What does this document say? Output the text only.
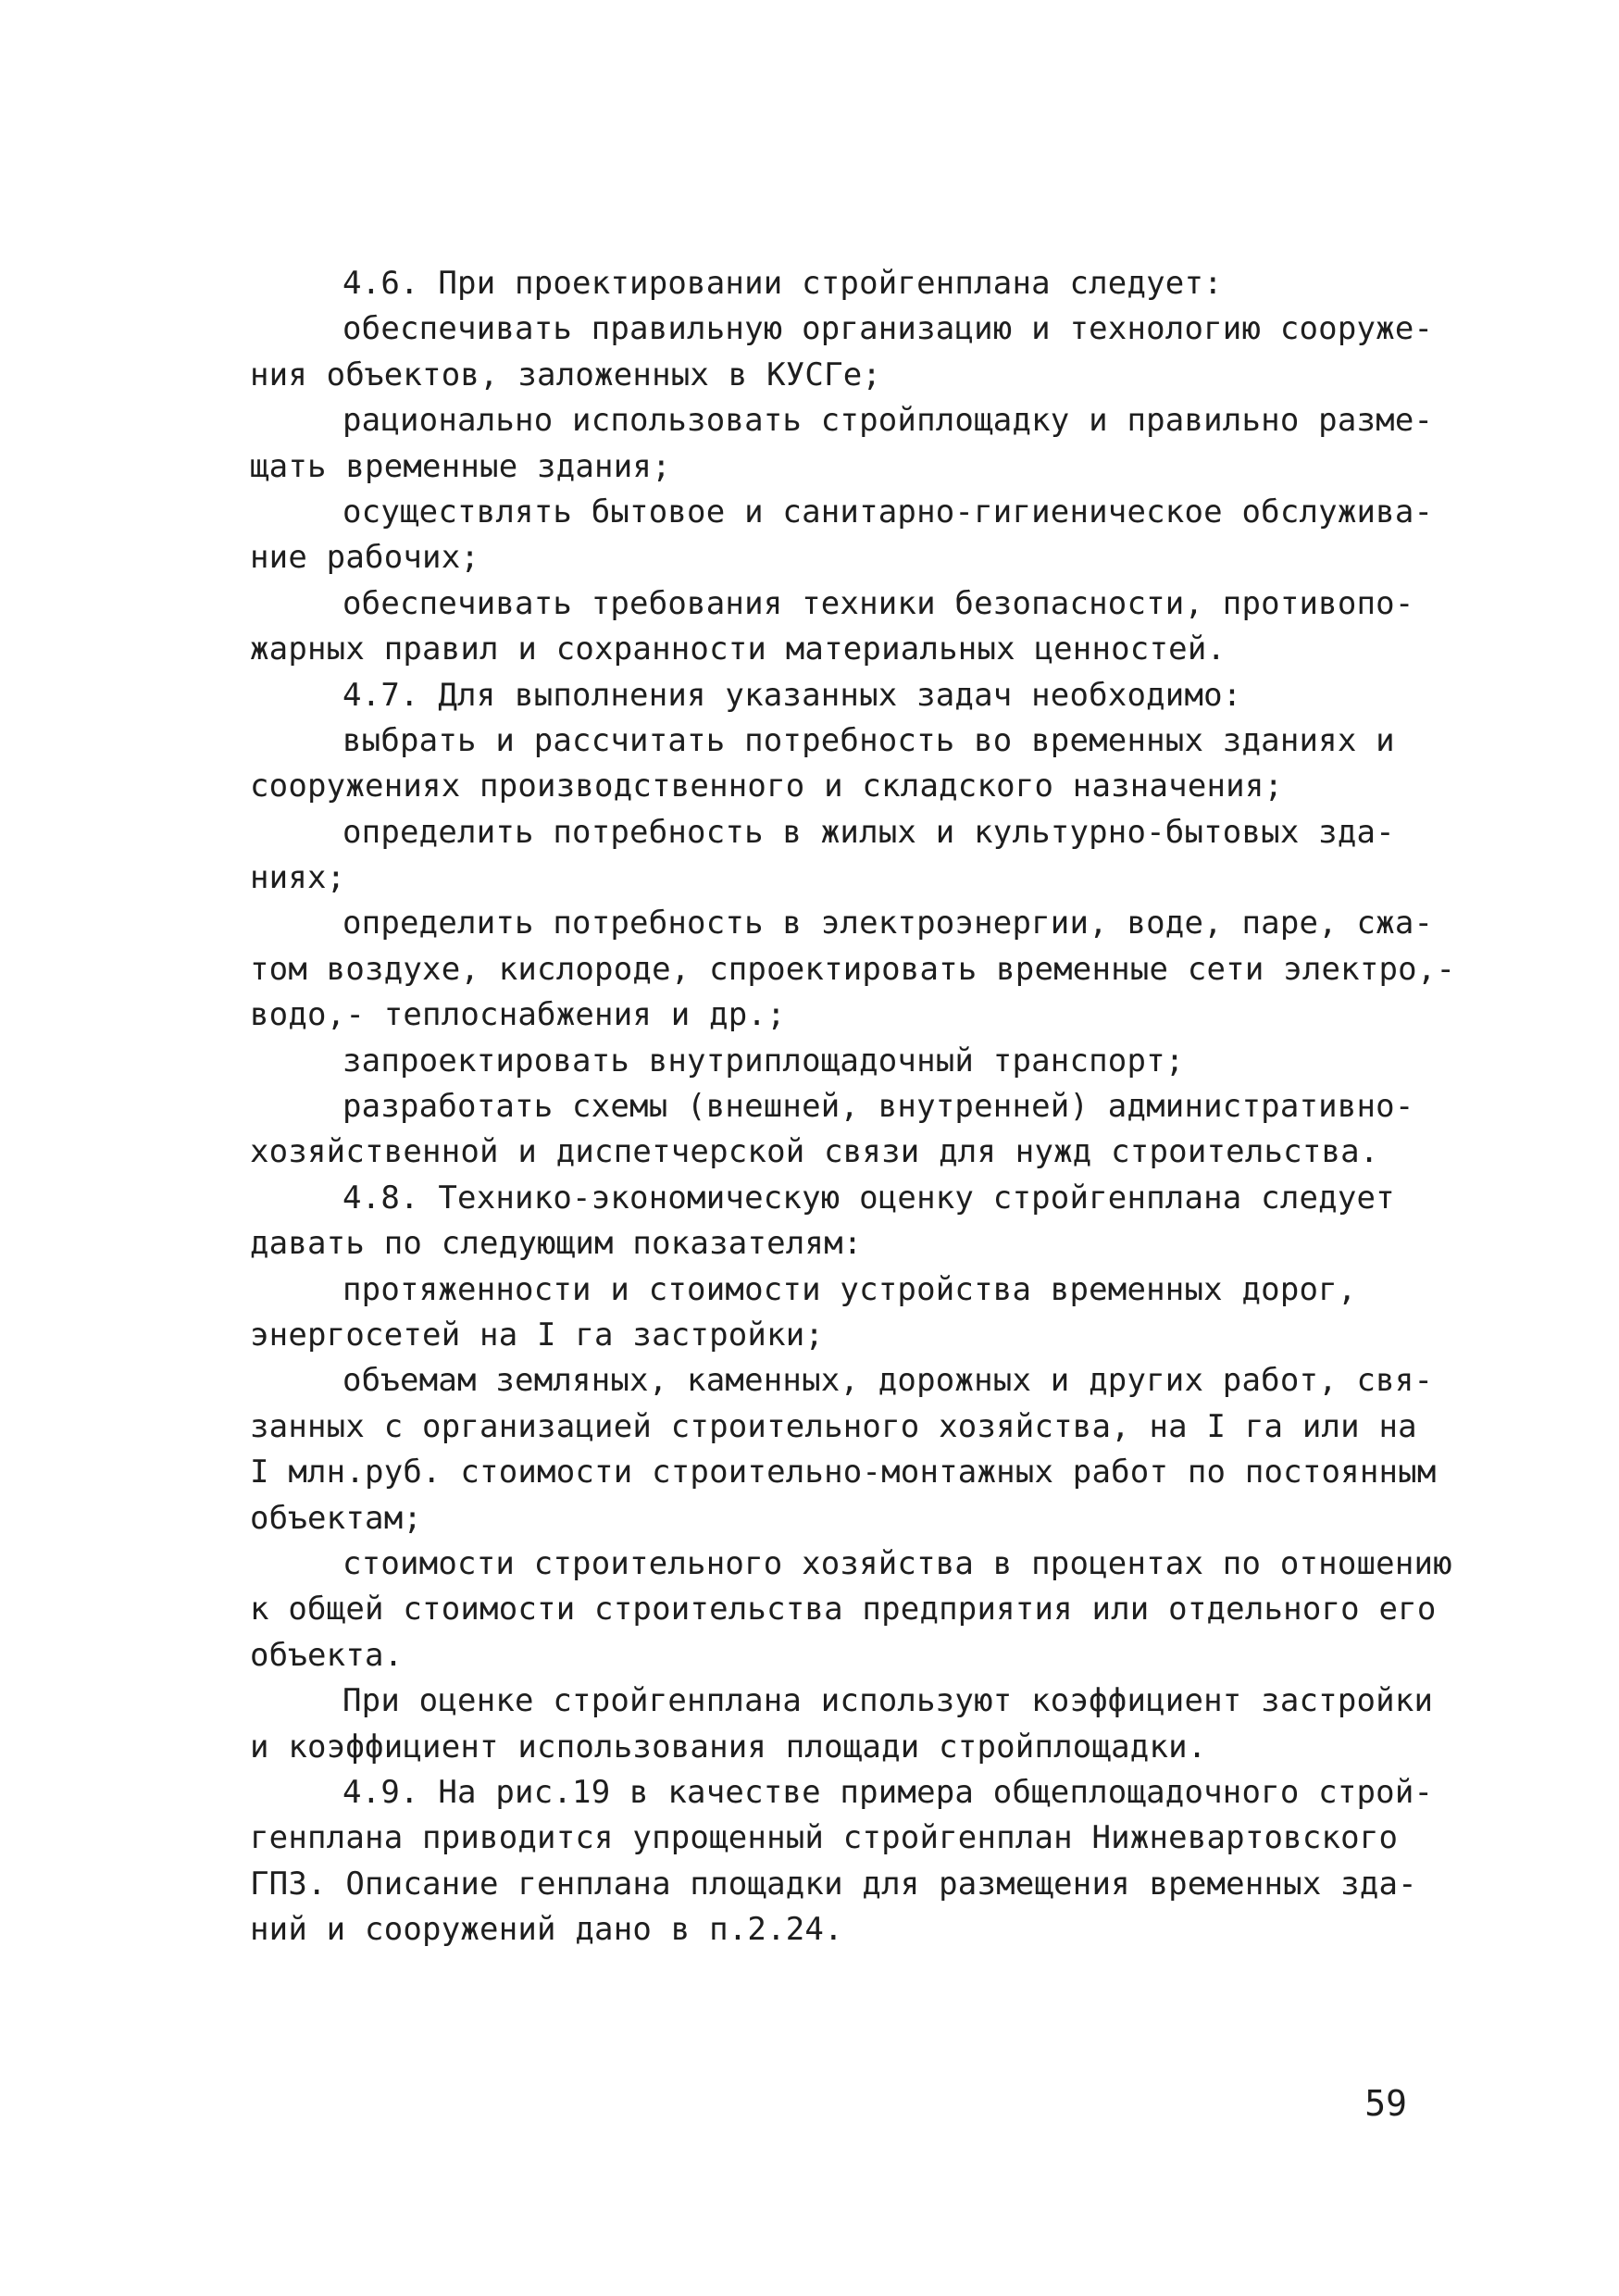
4.6. При проектировании стройгенплана следует:
обеспечивать правильную организацию и технологию сооруже-
ния объектов, заложенных в КУСГе;
рационально использовать стройплощадку и правильно разме-
щать временные здания;
осуществлять бытовое и санитарно-гигиеническое обслужива-
ние рабочих;
обеспечивать требования техники безопасности, противопо-
жарных правил и сохранности материальных ценностей.
4.7. Для выполнения указанных задач необходимо:
выбрать и рассчитать потребность во временных зданиях и
сооружениях производственного и складского назначения;
определить потребность в жилых и культурно-бытовых зда-
ниях;
определить потребность в электроэнергии, воде, паре, сжа-
том воздухе, кислороде, спроектировать временные сети электро,-
водо,- теплоснабжения и др.;
запроектировать внутриплощадочный транспорт;
разработать схемы (внешней, внутренней) административно-
хозяйственной и диспетчерской связи для нужд строительства.
4.8. Технико-экономическую оценку стройгенплана следует
давать по следующим показателям:
протяженности и стоимости устройства временных дорог,
энергосетей на I га застройки;
объемам земляных, каменных, дорожных и других работ, свя-
занных с организацией строительного хозяйства, на I га или на
I млн.руб. стоимости строительно-монтажных работ по постоянным
объектам;
стоимости строительного хозяйства в процентах по отношению
к общей стоимости строительства предприятия или отдельного его
объекта.
При оценке стройгенплана используют коэффициент застройки
и коэффициент использования площади стройплощадки.
4.9. На рис.19 в качестве примера общеплощадочного строй-
генплана приводится упрощенный стройгенплан Нижневартовского
ГПЗ. Описание генплана площадки для размещения временных зда-
ний и сооружений дано в п.2.24.
59
